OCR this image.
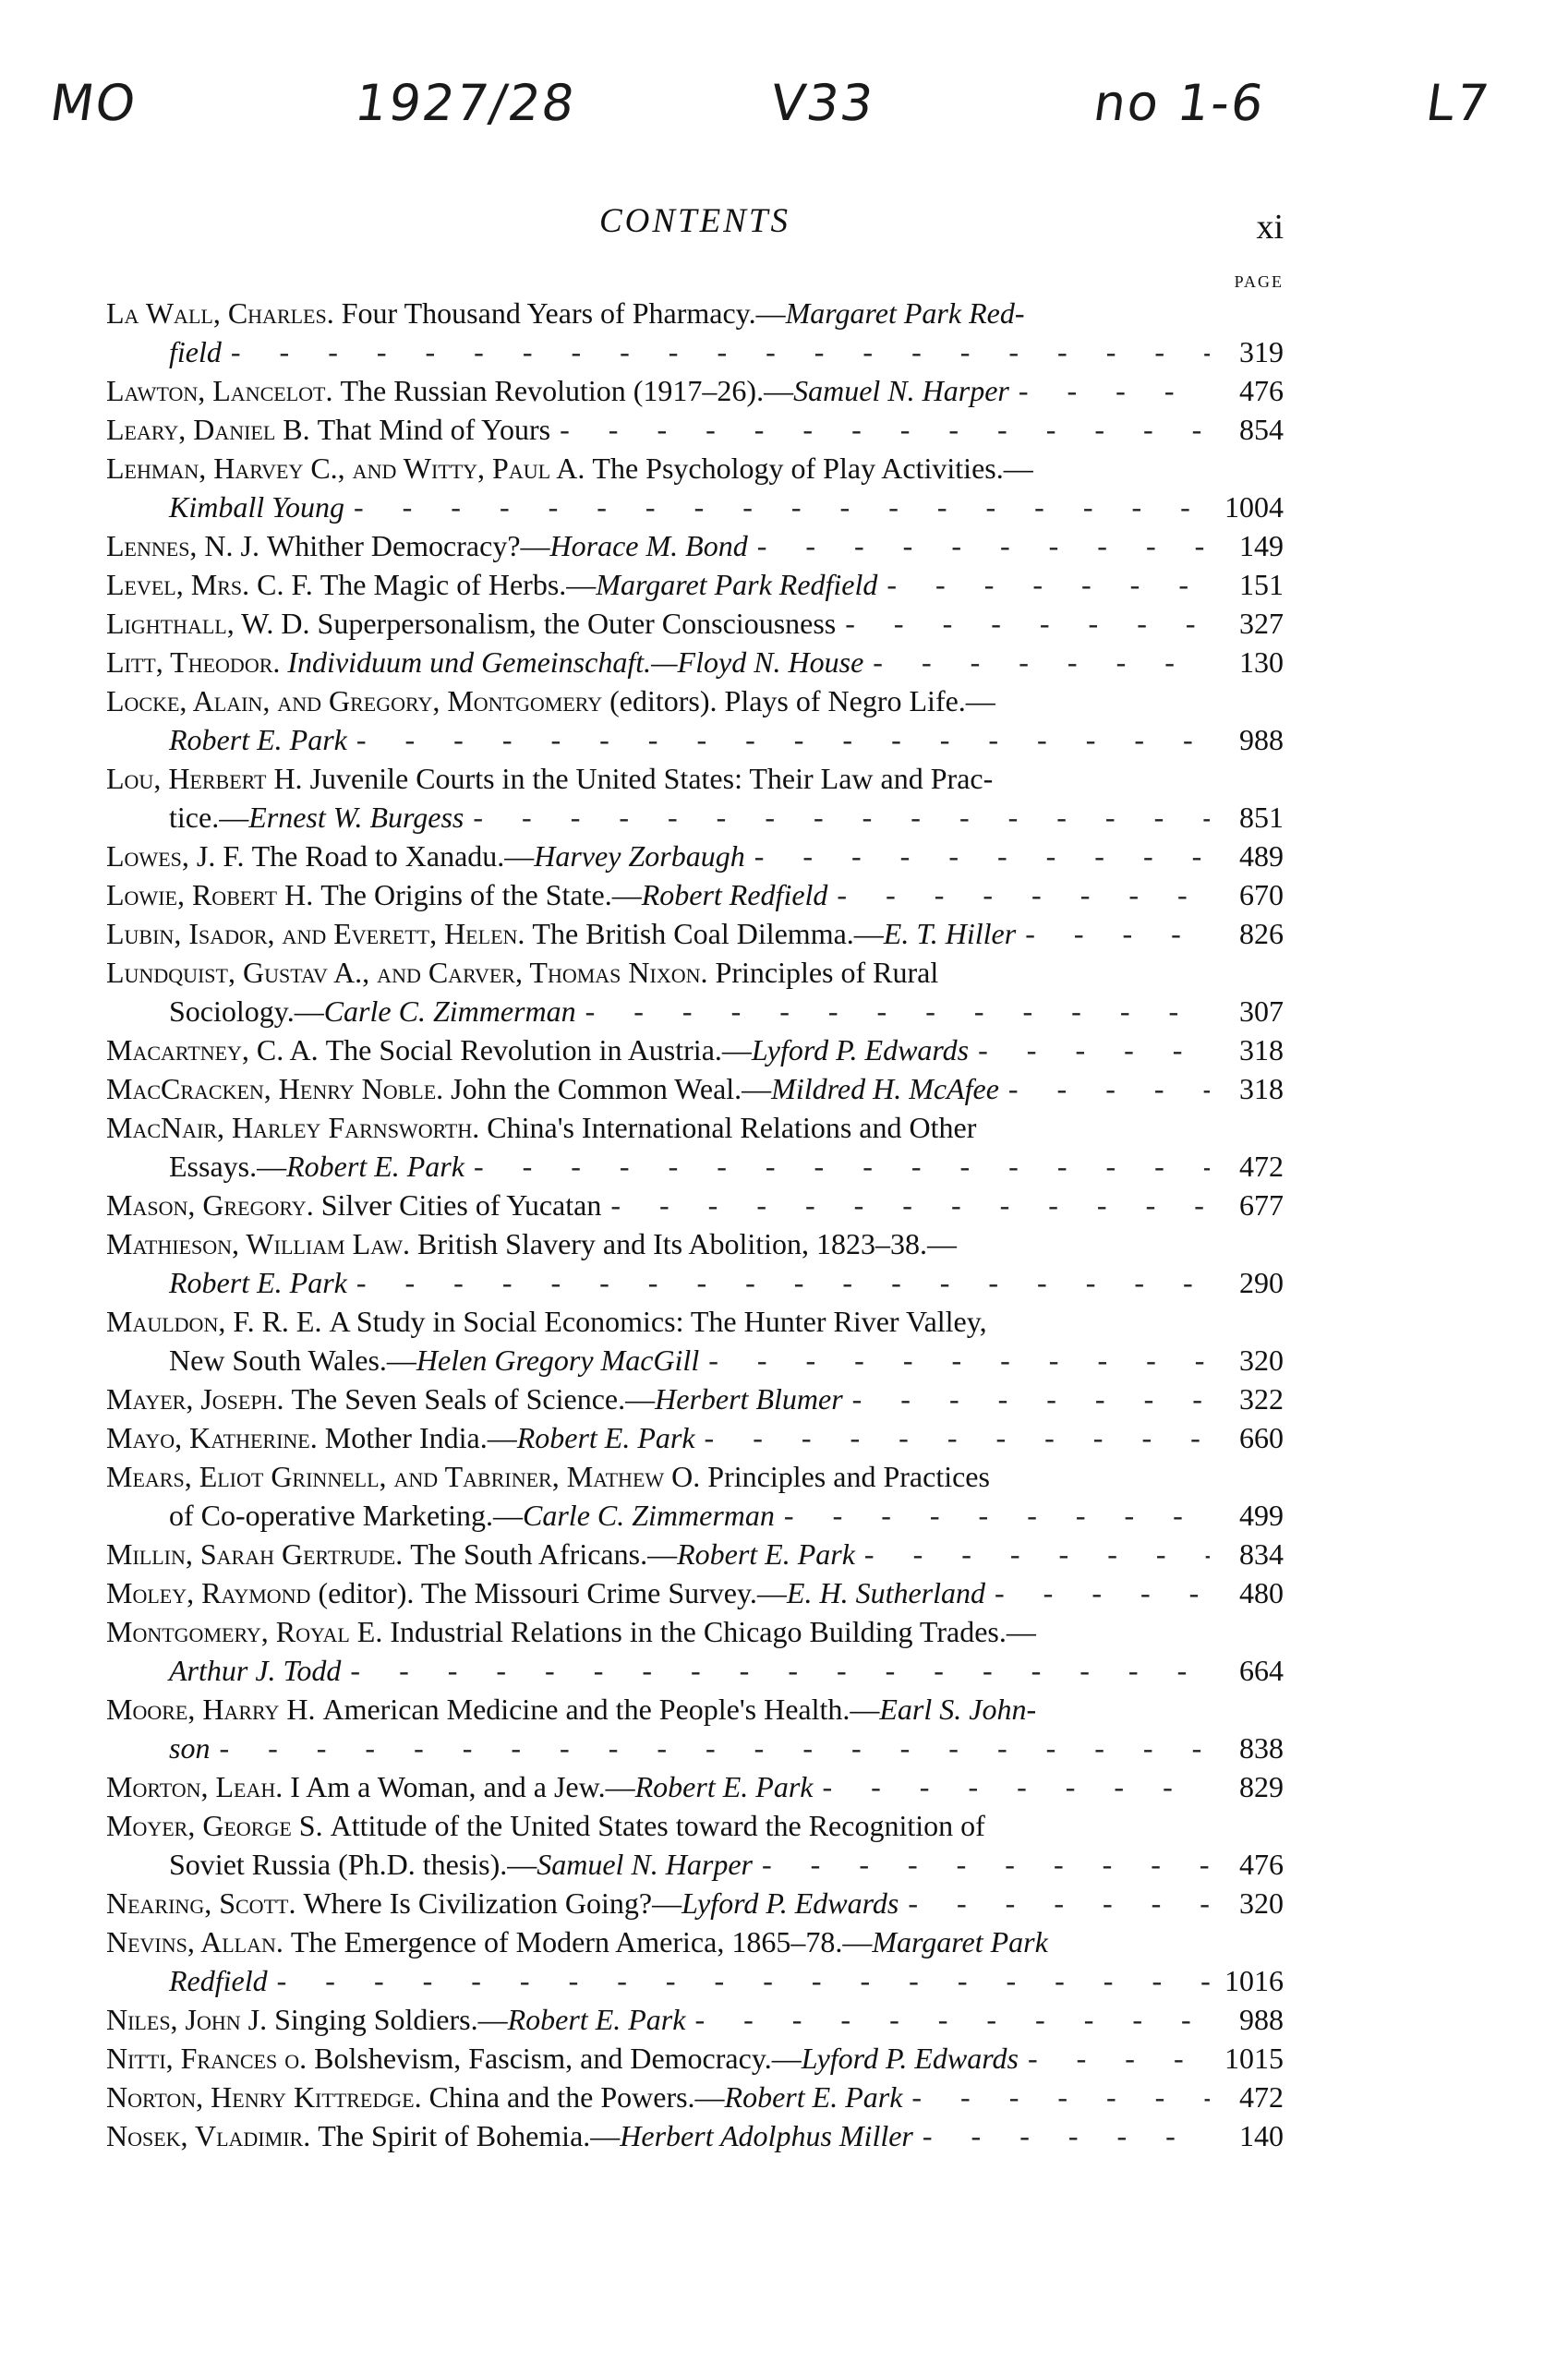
MO	1927/28	V33	no 1-6	L7
CONTENTS	xi
PAGE
La Wall, Charles.
Four Thousand Years of Pharmacy.— Margaret Park Red-
field - - -	319
Lawton, Lancelot.
The Russian Revolution (1917–26).— Samuel N. Harper - - -	476
Leary, Daniel B.
That Mind of Yours - - -	854
Lehman, Harvey C., and Witty, Paul A.
The Psychology of Play Activities.—
Kimball Young - - -	1004
Lennes, N. J.
Whither Democracy?— Horace M. Bond - - -	149
Level, Mrs. C. F.
The Magic of Herbs.— Margaret Park Redfield - - -	151
Lighthall, W. D.
Superpersonalism, the Outer Consciousness - - -	327
Litt, Theodor.
Individuum und Gemeinschaft.— Floyd N. House - - -	130
Locke, Alain, and Gregory, Montgomery
(editors). Plays of Negro Life.—
Robert E. Park - - -	988
Lou, Herbert H.
Juvenile Courts in the United States: Their Law and Prac-
tice.— Ernest W. Burgess - - -	851
Lowes, J. F.
The Road to Xanadu.— Harvey Zorbaugh - - -	489
Lowie, Robert H.
The Origins of the State.— Robert Redfield - - -	670
Lubin, Isador, and Everett, Helen.
The British Coal Dilemma.— E. T. Hiller - - -	826
Lundquist, Gustav A., and Carver, Thomas Nixon.
Principles of Rural
Sociology.— Carle C. Zimmerman - - -	307
Macartney, C. A.
The Social Revolution in Austria.— Lyford P. Edwards - - -	318
MacCracken, Henry Noble.
John the Common Weal.— Mildred H. McAfee - - -	318
MacNair, Harley Farnsworth.
China's International Relations and Other
Essays.— Robert E. Park - - -	472
Mason, Gregory.
Silver Cities of Yucatan - - -	677
Mathieson, William Law.
British Slavery and Its Abolition, 1823–38.—
Robert E. Park - - -	290
Mauldon, F. R. E.
A Study in Social Economics: The Hunter River Valley,
New South Wales.— Helen Gregory MacGill - - -	320
Mayer, Joseph.
The Seven Seals of Science.— Herbert Blumer - - -	322
Mayo, Katherine.
Mother India.— Robert E. Park - - -	660
Mears, Eliot Grinnell, and Tabriner, Mathew O.
Principles and Practices
of Co-operative Marketing.— Carle C. Zimmerman - - -	499
Millin, Sarah Gertrude.
The South Africans.— Robert E. Park - - -	834
Moley, Raymond
(editor). The Missouri Crime Survey.— E. H. Sutherland - - -	480
Montgomery, Royal E.
Industrial Relations in the Chicago Building Trades.—
Arthur J. Todd - - -	664
Moore, Harry H.
American Medicine and the People's Health.— Earl S. John-
son - - -	838
Morton, Leah.
I Am a Woman, and a Jew.— Robert E. Park - - -	829
Moyer, George S.
Attitude of the United States toward the Recognition of
Soviet Russia (Ph.D. thesis).— Samuel N. Harper - - -	476
Nearing, Scott.
Where Is Civilization Going?— Lyford P. Edwards - - -	320
Nevins, Allan.
The Emergence of Modern America, 1865–78.— Margaret Park
Redfield - - -	1016
Niles, John J.
Singing Soldiers.— Robert E. Park - - -	988
Nitti, Frances o.
Bolshevism, Fascism, and Democracy.— Lyford P. Edwards - - -	1015
Norton, Henry Kittredge.
China and the Powers.— Robert E. Park - - -	472
Nosek, Vladimir.
The Spirit of Bohemia.— Herbert Adolphus Miller - - -	140
